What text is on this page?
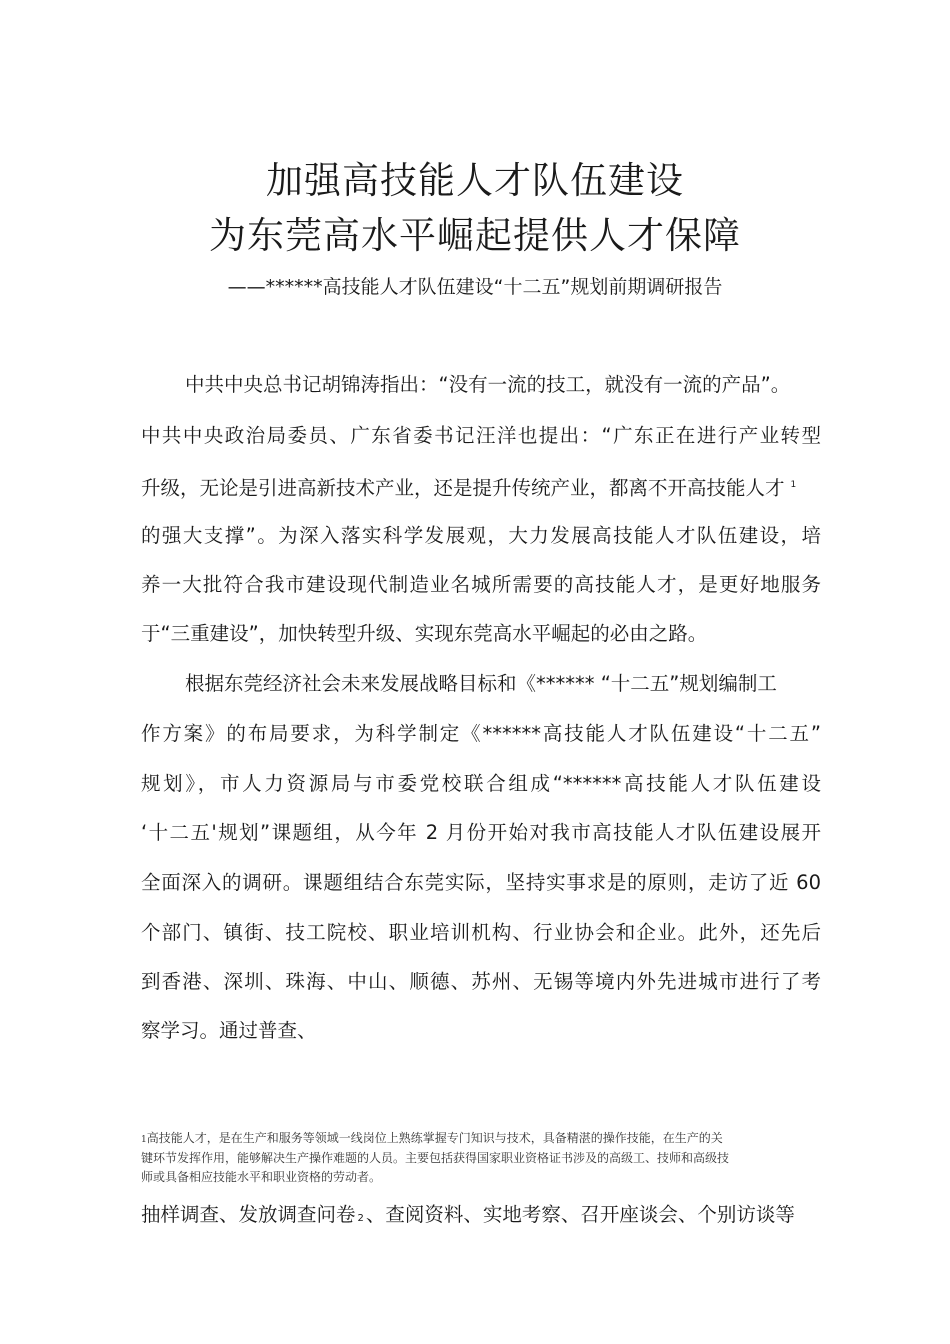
加强高技能人才队伍建设
为东莞高水平崛起提供人才保障
——******高技能人才队伍建设“十二五”规划前期调研报告
中共中央总书记胡锦涛指出：“没有一流的技工，就没有一流的产品”。
中共中央政治局委员、广东省委书记汪洋也提出：“广东正在进行产业转型
升级，无论是引进高新技术产业，还是提升传统产业，都离不开高技能人才 $^1$
的强大支撑”。为深入落实科学发展观，大力发展高技能人才队伍建设，培
养一大批符合我市建设现代制造业名城所需要的高技能人才，是更好地服务
于“三重建设”，加快转型升级、实现东莞高水平崛起的必由之路。
根据东莞经济社会未来发展战略目标和《****** “十二五”规划编制工
作方案》的布局要求，为科学制定《******高技能人才队伍建设“十二五”
规划》，市人力资源局与市委党校联合组成“******高技能人才队伍建设
‘十二五'规划”课题组，从今年 2 月份开始对我市高技能人才队伍建设展开
全面深入的调研。课题组结合东莞实际，坚持实事求是的原则，走访了近 60
个部门、镇街、技工院校、职业培训机构、行业协会和企业。此外，还先后
到香港、深圳、珠海、中山、顺德、苏州、无锡等境内外先进城市进行了考
察学习。通过普查、
1高技能人才，是在生产和服务等领域一线岗位上熟练掌握专门知识与技术，具备精湛的操作技能，在生产的关
键环节发挥作用，能够解决生产操作难题的人员。主要包括获得国家职业资格证书涉及的高级工、技师和高级技
师或具备相应技能水平和职业资格的劳动者。
抽样调查、发放调查问卷 2 、查阅资料、实地考察、召开座谈会、个别访谈等
